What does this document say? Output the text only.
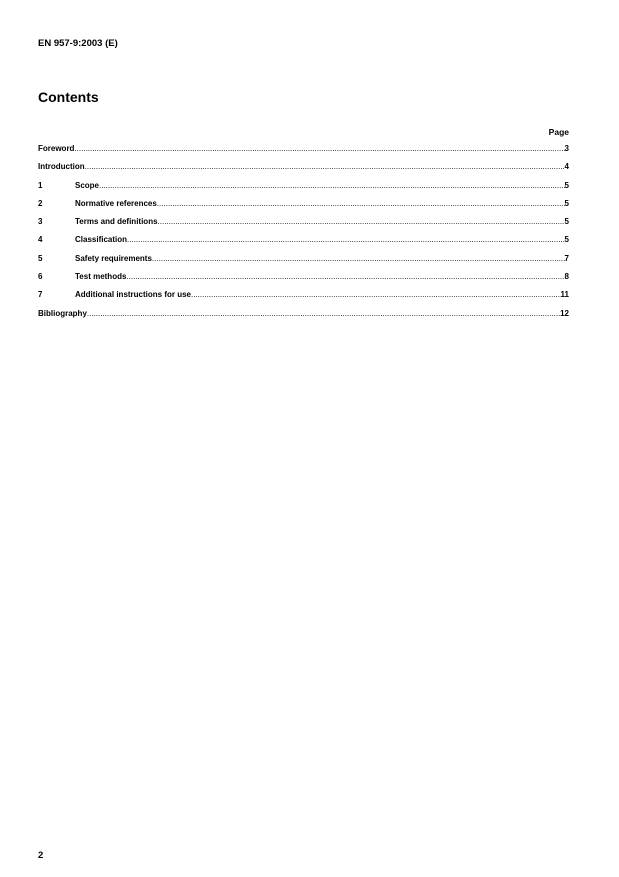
EN 957-9:2003 (E)
Contents
Page
Foreword .....	3
Introduction .....	4
1	Scope .....	5
2	Normative references .....	5
3	Terms and definitions .....	5
4	Classification .....	5
5	Safety requirements .....	7
6	Test methods .....	8
7	Additional instructions for use .....	11
Bibliography .....	12
2
